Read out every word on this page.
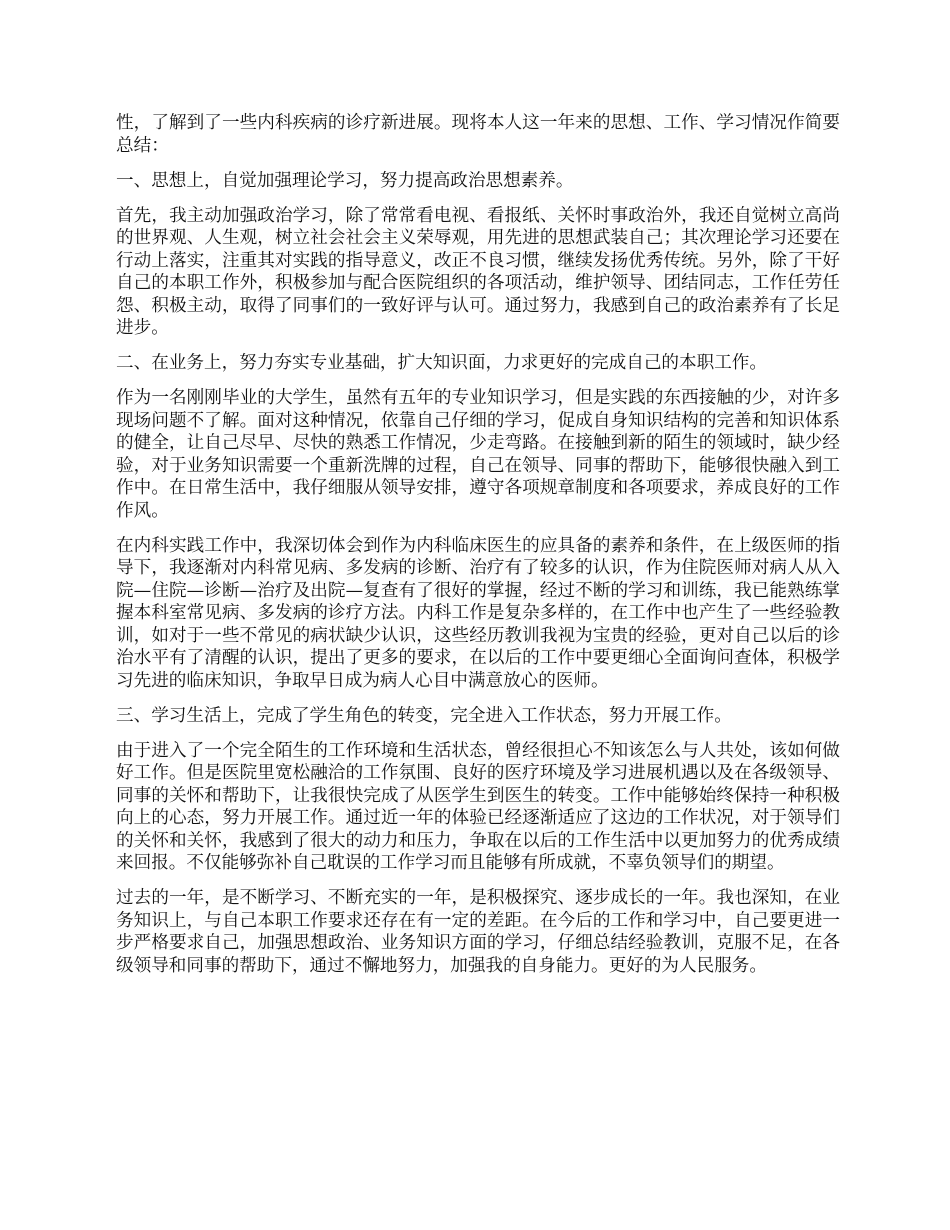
性，了解到了一些内科疾病的诊疗新进展。现将本人这一年来的思想、工作、学习情况作简要总结：

一、思想上，自觉加强理论学习，努力提高政治思想素养。

首先，我主动加强政治学习，除了常常看电视、看报纸、关怀时事政治外，我还自觉树立高尚的世界观、人生观，树立社会社会主义荣辱观，用先进的思想武装自己；其次理论学习还要在行动上落实，注重其对实践的指导意义，改正不良习惯，继续发扬优秀传统。另外，除了干好自己的本职工作外，积极参加与配合医院组织的各项活动，维护领导、团结同志，工作任劳任怨、积极主动，取得了同事们的一致好评与认可。通过努力，我感到自己的政治素养有了长足进步。

二、在业务上，努力夯实专业基础，扩大知识面，力求更好的完成自己的本职工作。

作为一名刚刚毕业的大学生，虽然有五年的专业知识学习，但是实践的东西接触的少，对许多现场问题不了解。面对这种情况，依靠自己仔细的学习，促成自身知识结构的完善和知识体系的健全，让自己尽早、尽快的熟悉工作情况，少走弯路。在接触到新的陌生的领域时，缺少经验，对于业务知识需要一个重新洗牌的过程，自己在领导、同事的帮助下，能够很快融入到工作中。在日常生活中，我仔细服从领导安排，遵守各项规章制度和各项要求，养成良好的工作作风。

在内科实践工作中，我深切体会到作为内科临床医生的应具备的素养和条件，在上级医师的指导下，我逐渐对内科常见病、多发病的诊断、治疗有了较多的认识，作为住院医师对病人从入院—住院—诊断—治疗及出院—复查有了很好的掌握，经过不断的学习和训练，我已能熟练掌握本科室常见病、多发病的诊疗方法。内科工作是复杂多样的，在工作中也产生了一些经验教训，如对于一些不常见的病状缺少认识，这些经历教训我视为宝贵的经验，更对自己以后的诊治水平有了清醒的认识，提出了更多的要求，在以后的工作中要更细心全面询问查体，积极学习先进的临床知识，争取早日成为病人心目中满意放心的医师。

三、学习生活上，完成了学生角色的转变，完全进入工作状态，努力开展工作。

由于进入了一个完全陌生的工作环境和生活状态，曾经很担心不知该怎么与人共处，该如何做好工作。但是医院里宽松融洽的工作氛围、良好的医疗环境及学习进展机遇以及在各级领导、同事的关怀和帮助下，让我很快完成了从医学生到医生的转变。工作中能够始终保持一种积极向上的心态，努力开展工作。通过近一年的体验已经逐渐适应了这边的工作状况，对于领导们的关怀和关怀，我感到了很大的动力和压力，争取在以后的工作生活中以更加努力的优秀成绩来回报。不仅能够弥补自己耽误的工作学习而且能够有所成就，不辜负领导们的期望。

过去的一年，是不断学习、不断充实的一年，是积极探究、逐步成长的一年。我也深知，在业务知识上，与自己本职工作要求还存在有一定的差距。在今后的工作和学习中，自己要更进一步严格要求自己，加强思想政治、业务知识方面的学习，仔细总结经验教训，克服不足，在各级领导和同事的帮助下，通过不懈地努力，加强我的自身能力。更好的为人民服务。
